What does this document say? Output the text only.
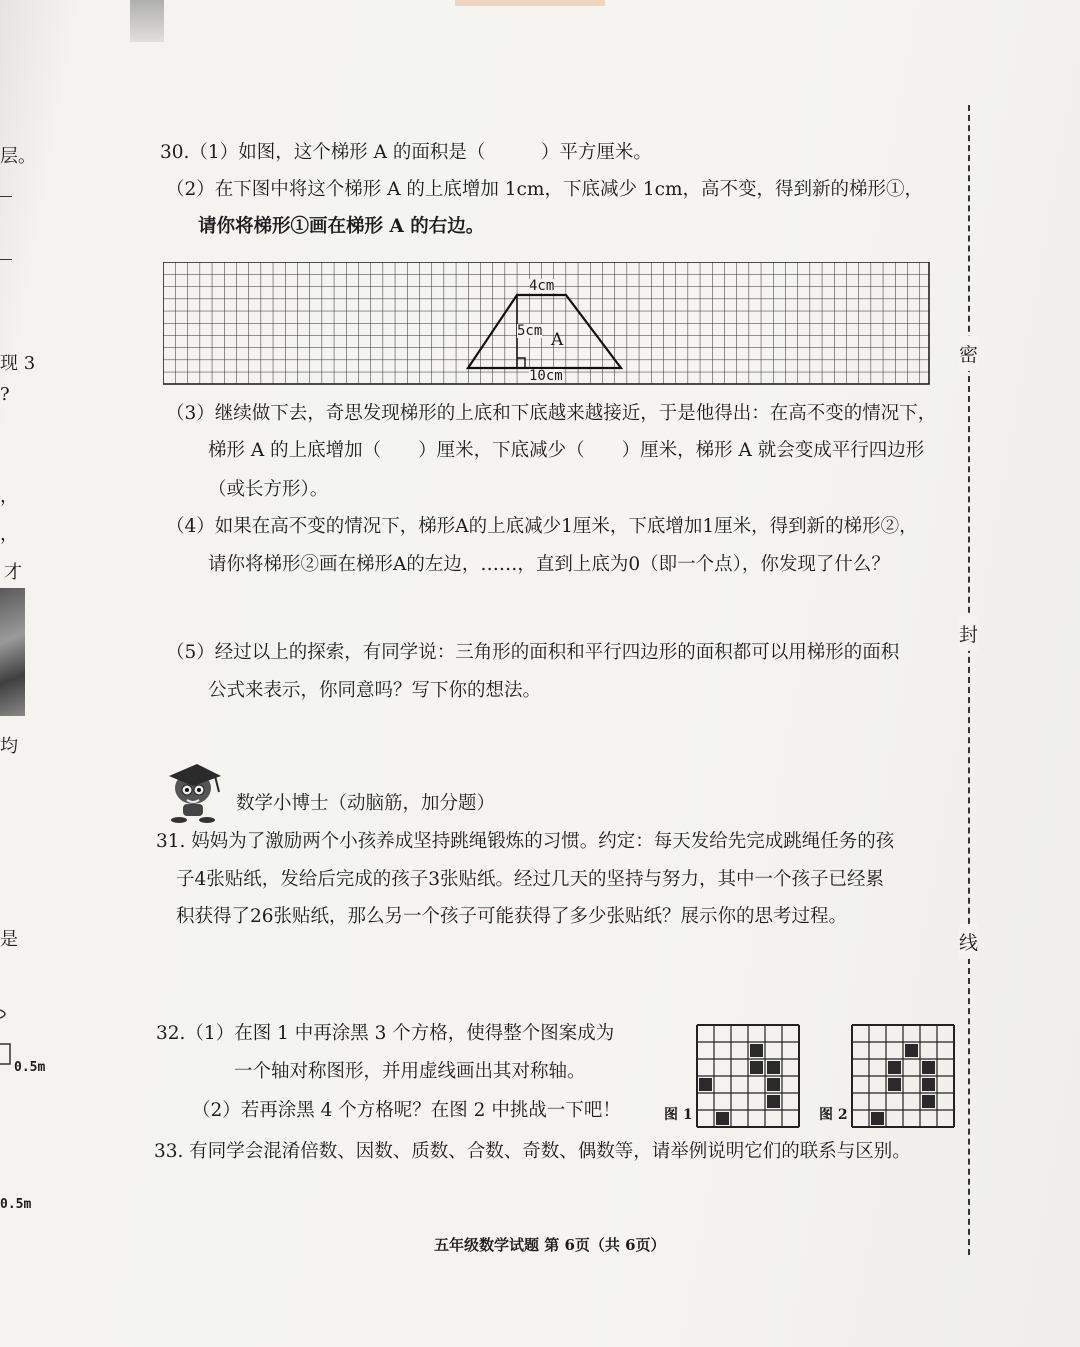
层。
现 3
?
，
，
才
均
是
0.5m
0.5m
密
封
线
30.（1）如图，这个梯形 A 的面积是（　　　）平方厘米。
（2）在下图中将这个梯形 A 的上底增加 1cm，下底减少 1cm，高不变，得到新的梯形①，
请你将梯形①画在梯形 A 的右边。
4cm
5cm A
10cm
（3）继续做下去，奇思发现梯形的上底和下底越来越接近，于是他得出：在高不变的情况下，
梯形 A 的上底增加（　　）厘米，下底减少（　　）厘米，梯形 A 就会变成平行四边形
（或长方形）。
（4）如果在高不变的情况下，梯形A的上底减少1厘米，下底增加1厘米，得到新的梯形②，
请你将梯形②画在梯形A的左边，……，直到上底为0（即一个点），你发现了什么？
（5）经过以上的探索，有同学说：三角形的面积和平行四边形的面积都可以用梯形的面积
公式来表示，你同意吗？写下你的想法。
数学小博士（动脑筋，加分题）
31. 妈妈为了激励两个小孩养成坚持跳绳锻炼的习惯。约定：每天发给先完成跳绳任务的孩
子4张贴纸，发给后完成的孩子3张贴纸。经过几天的坚持与努力，其中一个孩子已经累
积获得了26张贴纸，那么另一个孩子可能获得了多少张贴纸？展示你的思考过程。
32.（1）在图 1 中再涂黑 3 个方格，使得整个图案成为
一个轴对称图形，并用虚线画出其对称轴。
（2）若再涂黑 4 个方格呢？在图 2 中挑战一下吧！	图 1	图 2
33. 有同学会混淆倍数、因数、质数、合数、奇数、偶数等，请举例说明它们的联系与区别。
五年级数学试题 第 6页（共 6页）
